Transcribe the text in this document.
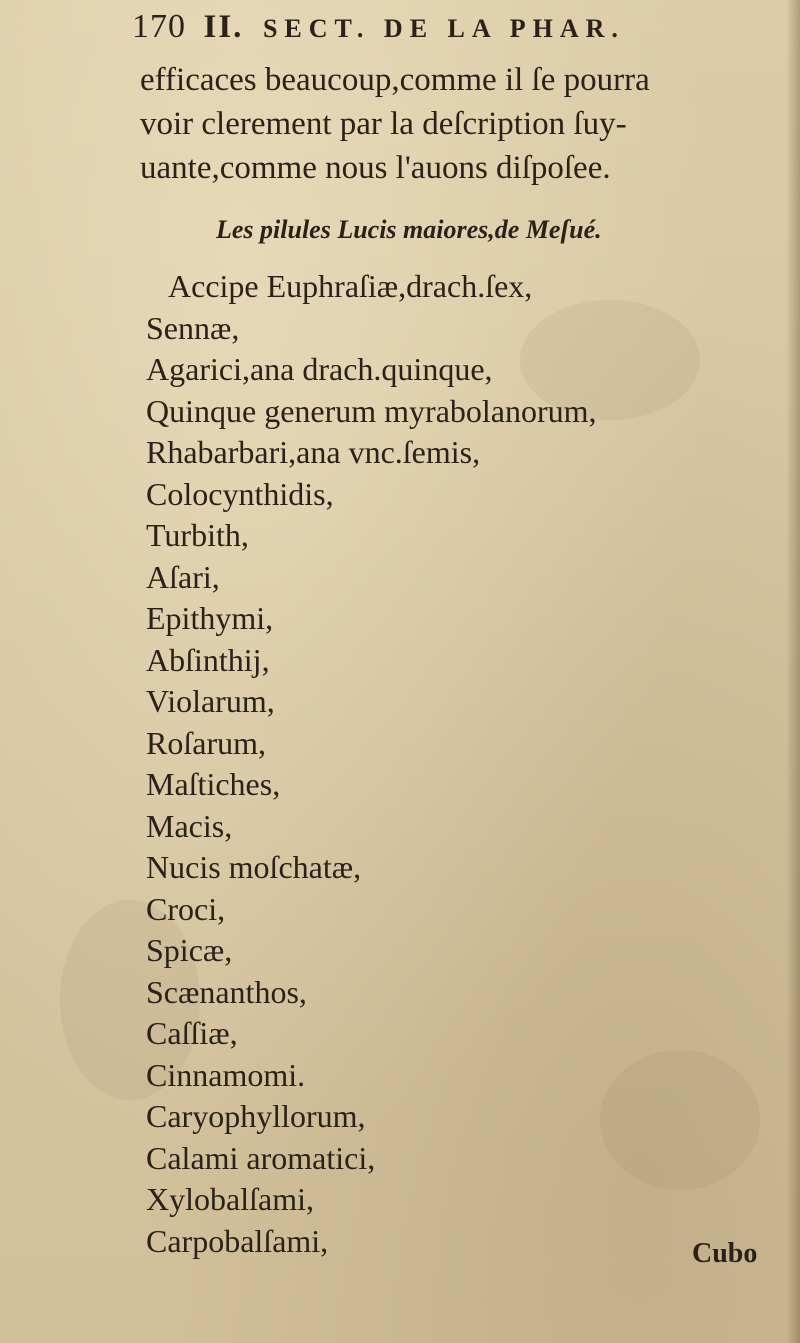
170 II. SECT. DE LA PHAR.
efficaces beaucoup,comme il ſe pourra
voir clerement par la deſcription ſuy-
uante,comme nous l'auons diſpoſee.
Les pilules Lucis maiores,de Meſué.
Accipe Euphraſiæ,drach.ſex,
Sennæ,
Agarici,ana drach.quinque,
Quinque generum myrabolanorum,
Rhabarbari,ana vnc.ſemis,
Colocynthidis,
Turbith,
Aſari,
Epithymi,
Abſinthij,
Violarum,
Roſarum,
Maſtiches,
Macis,
Nucis moſchatæ,
Croci,
Spicæ,
Scænanthos,
Caſſiæ,
Cinnamomi.
Caryophyllorum,
Calami aromatici,
Xylobalſami,
Carpobalſami,	Cubo
